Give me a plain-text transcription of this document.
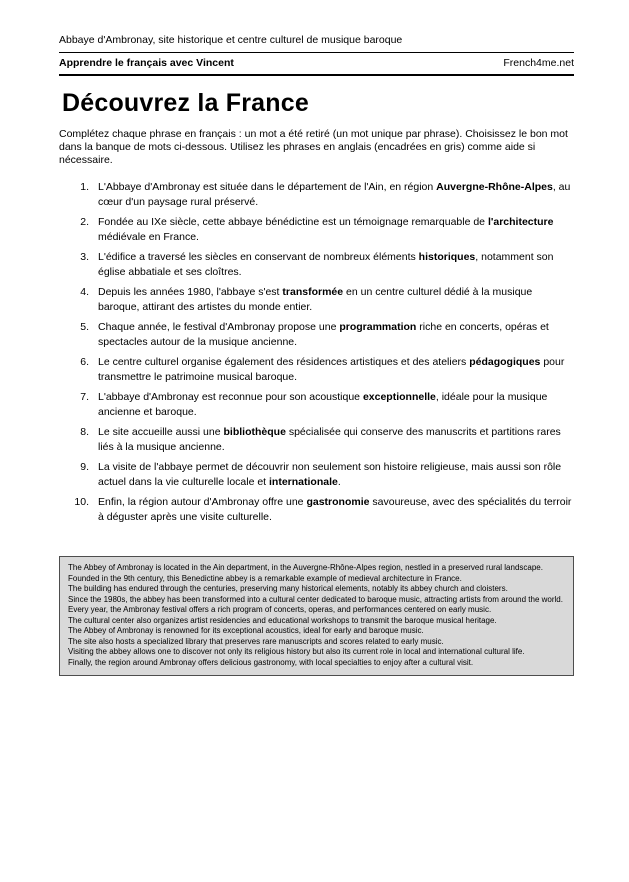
Abbaye d'Ambronay, site historique et centre culturel de musique baroque
Apprendre le français avec Vincent	French4me.net
Découvrez la France

Complétez chaque phrase en français : un mot a été retiré (un mot unique par phrase). Choisissez le bon mot dans la banque de mots ci-dessous. Utilisez les phrases en anglais (encadrées en gris) comme aide si nécessaire.

1. L'Abbaye d'Ambronay est située dans le département de l'Ain, en région Auvergne-Rhône-Alpes, au cœur d'un paysage rural préservé.
2. Fondée au IXe siècle, cette abbaye bénédictine est un témoignage remarquable de l'architecture médiévale en France.
3. L'édifice a traversé les siècles en conservant de nombreux éléments historiques, notamment son église abbatiale et ses cloîtres.
4. Depuis les années 1980, l'abbaye s'est transformée en un centre culturel dédié à la musique baroque, attirant des artistes du monde entier.
5. Chaque année, le festival d'Ambronay propose une programmation riche en concerts, opéras et spectacles autour de la musique ancienne.
6. Le centre culturel organise également des résidences artistiques et des ateliers pédagogiques pour transmettre le patrimoine musical baroque.
7. L'abbaye d'Ambronay est reconnue pour son acoustique exceptionnelle, idéale pour la musique ancienne et baroque.
8. Le site accueille aussi une bibliothèque spécialisée qui conserve des manuscrits et partitions rares liés à la musique ancienne.
9. La visite de l'abbaye permet de découvrir non seulement son histoire religieuse, mais aussi son rôle actuel dans la vie culturelle locale et internationale.
10. Enfin, la région autour d'Ambronay offre une gastronomie savoureuse, avec des spécialités du terroir à déguster après une visite culturelle.
The Abbey of Ambronay is located in the Ain department, in the Auvergne-Rhône-Alpes region, nestled in a preserved rural landscape.
Founded in the 9th century, this Benedictine abbey is a remarkable example of medieval architecture in France.
The building has endured through the centuries, preserving many historical elements, notably its abbey church and cloisters.
Since the 1980s, the abbey has been transformed into a cultural center dedicated to baroque music, attracting artists from around the world.
Every year, the Ambronay festival offers a rich program of concerts, operas, and performances centered on early music.
The cultural center also organizes artist residencies and educational workshops to transmit the baroque musical heritage.
The Abbey of Ambronay is renowned for its exceptional acoustics, ideal for early and baroque music.
The site also hosts a specialized library that preserves rare manuscripts and scores related to early music.
Visiting the abbey allows one to discover not only its religious history but also its current role in local and international cultural life.
Finally, the region around Ambronay offers delicious gastronomy, with local specialties to enjoy after a cultural visit.
